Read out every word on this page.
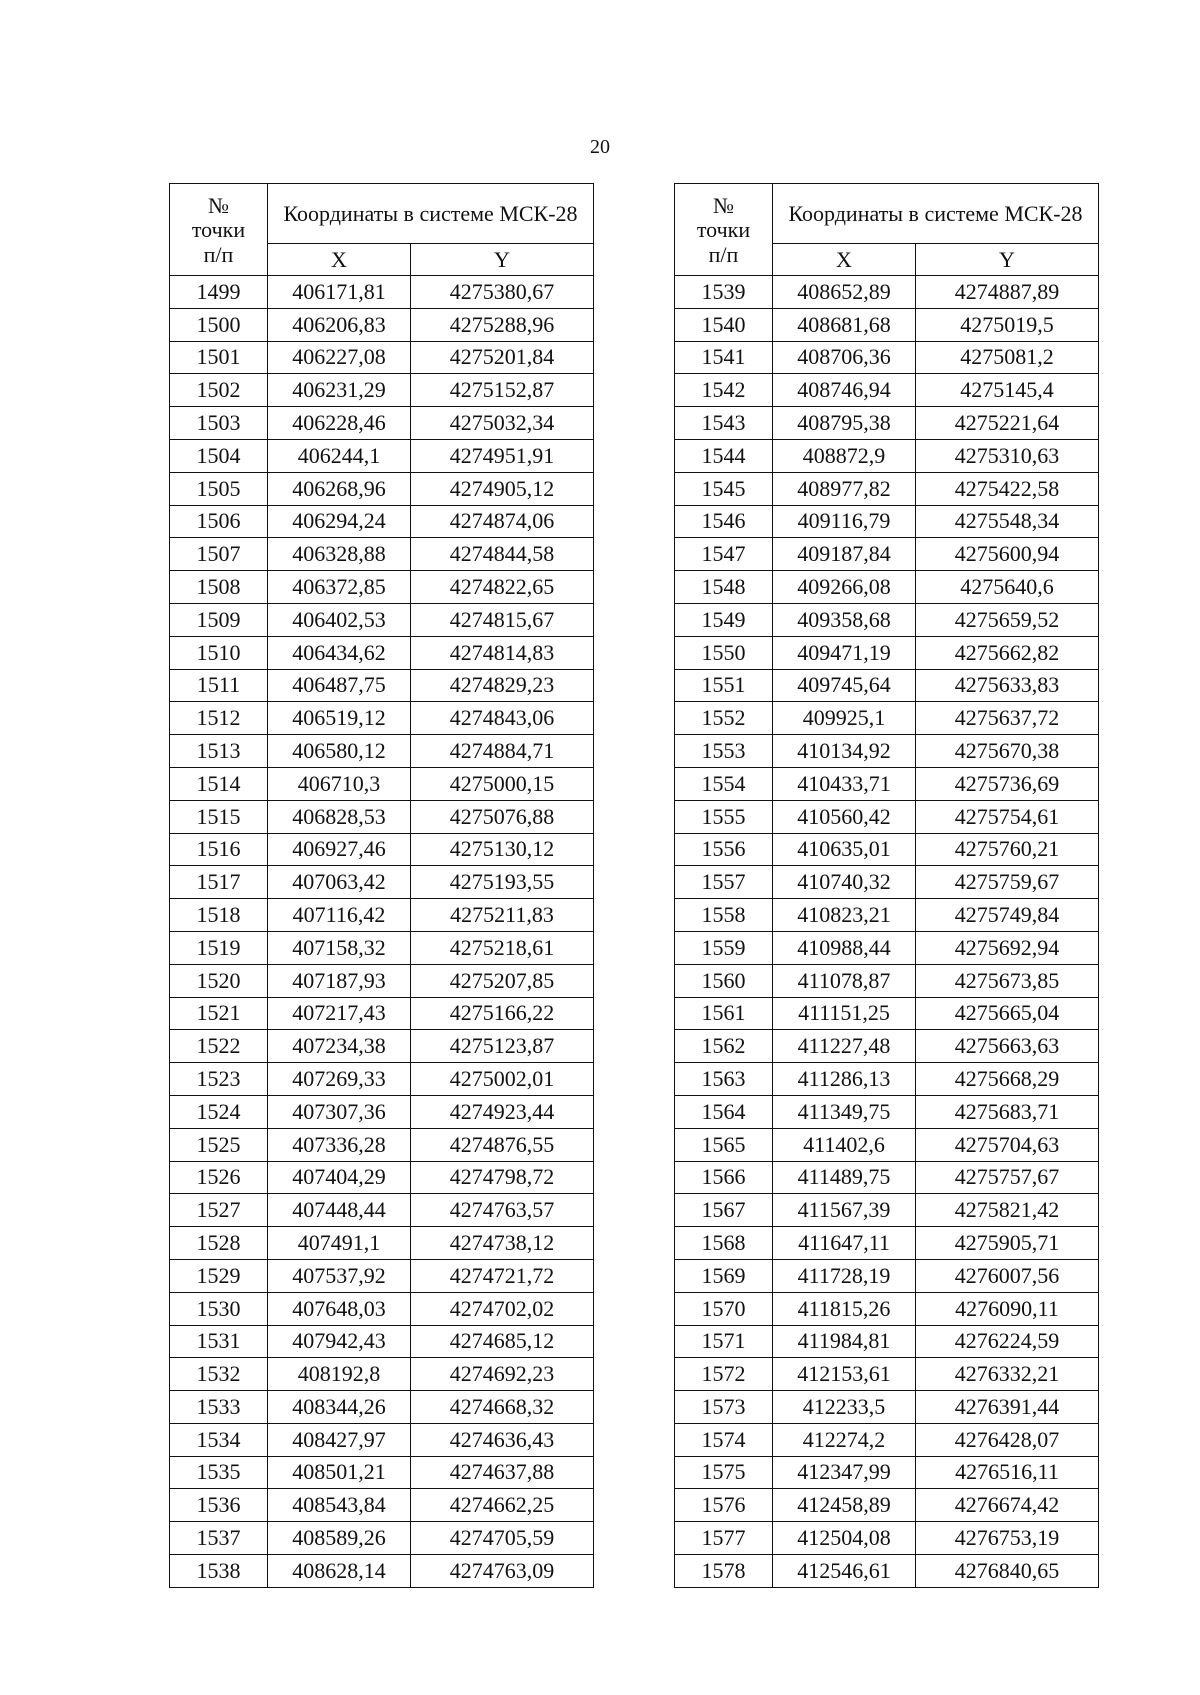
20
№
точки
п/п	Координаты в системе МСК-28	
	X	Y
1499	406171,81	4275380,67
1500	406206,83	4275288,96
1501	406227,08	4275201,84
1502	406231,29	4275152,87
1503	406228,46	4275032,34
1504	406244,1	4274951,91
1505	406268,96	4274905,12
1506	406294,24	4274874,06
1507	406328,88	4274844,58
1508	406372,85	4274822,65
1509	406402,53	4274815,67
1510	406434,62	4274814,83
1511	406487,75	4274829,23
1512	406519,12	4274843,06
1513	406580,12	4274884,71
1514	406710,3	4275000,15
1515	406828,53	4275076,88
1516	406927,46	4275130,12
1517	407063,42	4275193,55
1518	407116,42	4275211,83
1519	407158,32	4275218,61
1520	407187,93	4275207,85
1521	407217,43	4275166,22
1522	407234,38	4275123,87
1523	407269,33	4275002,01
1524	407307,36	4274923,44
1525	407336,28	4274876,55
1526	407404,29	4274798,72
1527	407448,44	4274763,57
1528	407491,1	4274738,12
1529	407537,92	4274721,72
1530	407648,03	4274702,02
1531	407942,43	4274685,12
1532	408192,8	4274692,23
1533	408344,26	4274668,32
1534	408427,97	4274636,43
1535	408501,21	4274637,88
1536	408543,84	4274662,25
1537	408589,26	4274705,59
1538	408628,14	4274763,09
№
точки
п/п	Координаты в системе МСК-28	
	X	Y
1539	408652,89	4274887,89
1540	408681,68	4275019,5
1541	408706,36	4275081,2
1542	408746,94	4275145,4
1543	408795,38	4275221,64
1544	408872,9	4275310,63
1545	408977,82	4275422,58
1546	409116,79	4275548,34
1547	409187,84	4275600,94
1548	409266,08	4275640,6
1549	409358,68	4275659,52
1550	409471,19	4275662,82
1551	409745,64	4275633,83
1552	409925,1	4275637,72
1553	410134,92	4275670,38
1554	410433,71	4275736,69
1555	410560,42	4275754,61
1556	410635,01	4275760,21
1557	410740,32	4275759,67
1558	410823,21	4275749,84
1559	410988,44	4275692,94
1560	411078,87	4275673,85
1561	411151,25	4275665,04
1562	411227,48	4275663,63
1563	411286,13	4275668,29
1564	411349,75	4275683,71
1565	411402,6	4275704,63
1566	411489,75	4275757,67
1567	411567,39	4275821,42
1568	411647,11	4275905,71
1569	411728,19	4276007,56
1570	411815,26	4276090,11
1571	411984,81	4276224,59
1572	412153,61	4276332,21
1573	412233,5	4276391,44
1574	412274,2	4276428,07
1575	412347,99	4276516,11
1576	412458,89	4276674,42
1577	412504,08	4276753,19
1578	412546,61	4276840,65
